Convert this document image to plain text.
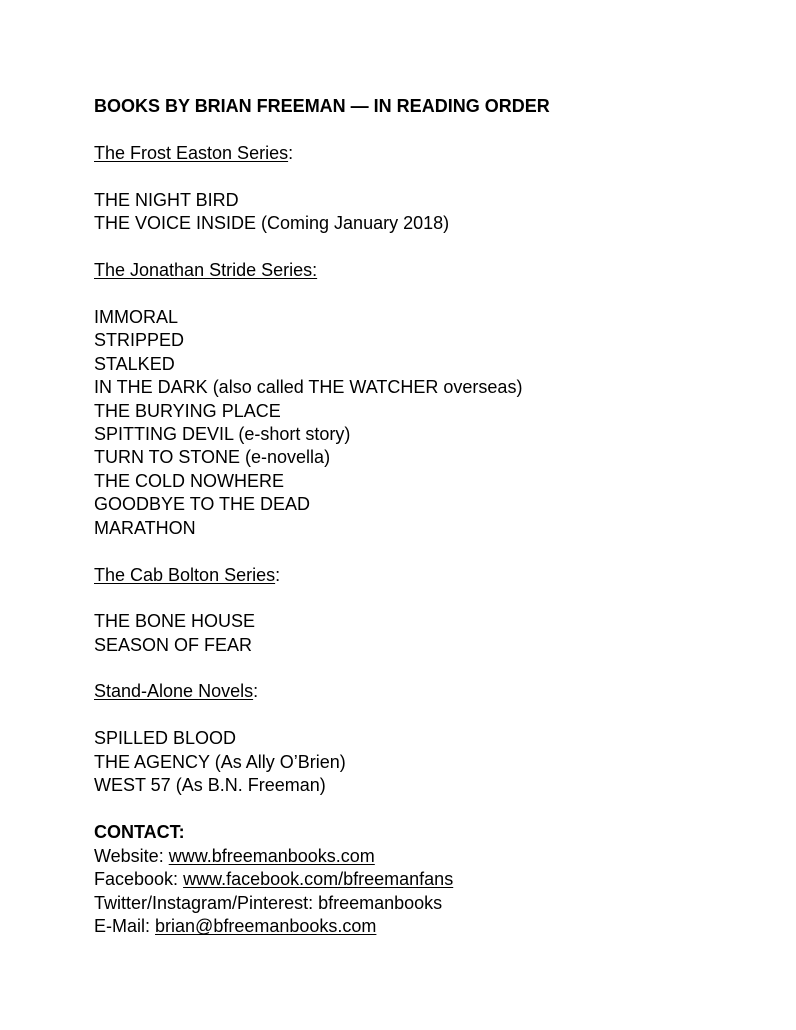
BOOKS BY BRIAN FREEMAN — IN READING ORDER
The Frost Easton Series:
THE NIGHT BIRD
THE VOICE INSIDE (Coming January 2018)
The Jonathan Stride Series:
IMMORAL
STRIPPED
STALKED
IN THE DARK (also called THE WATCHER overseas)
THE BURYING PLACE
SPITTING DEVIL (e-short story)
TURN TO STONE (e-novella)
THE COLD NOWHERE
GOODBYE TO THE DEAD
MARATHON
The Cab Bolton Series:
THE BONE HOUSE
SEASON OF FEAR
Stand-Alone Novels:
SPILLED BLOOD
THE AGENCY (As Ally O’Brien)
WEST 57 (As B.N. Freeman)
CONTACT:
Website: www.bfreemanbooks.com
Facebook: www.facebook.com/bfreemanfans
Twitter/Instagram/Pinterest: bfreemanbooks
E-Mail: brian@bfreemanbooks.com
